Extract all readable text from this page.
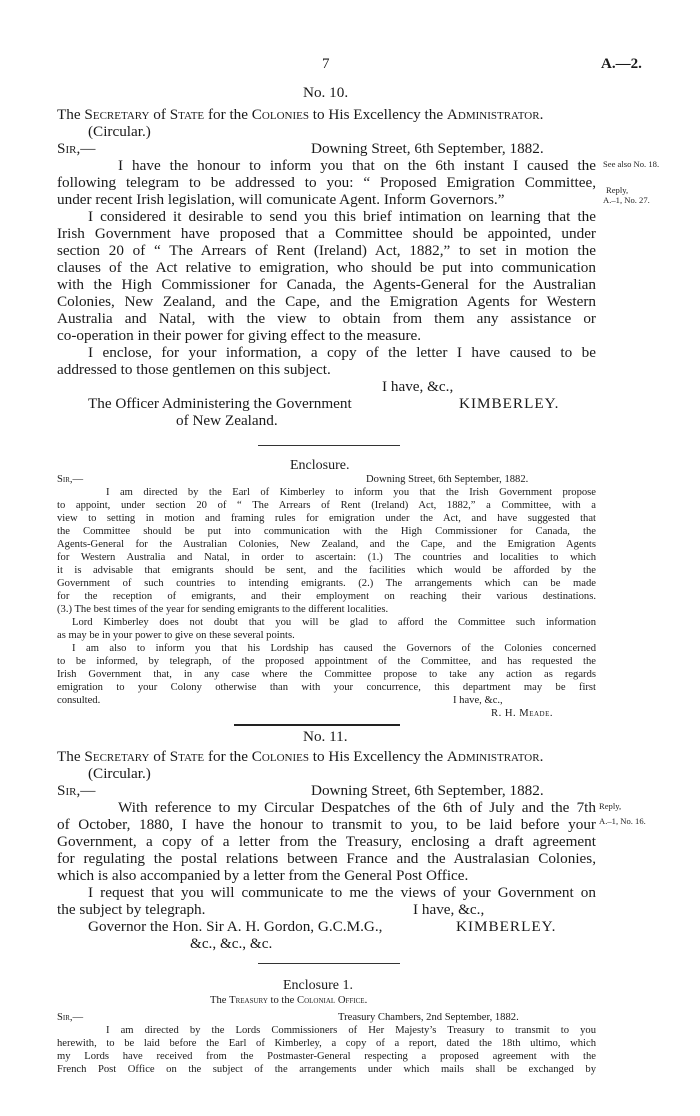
7	A.—2.
No. 10.
The Secretary of State for the Colonies to His Excellency the Administrator.
(Circular.)
Sir,—	Downing Street, 6th September, 1882.
I have the honour to inform you that on the 6th instant I caused the
following telegram to be addressed to you: “ Proposed Emigration Committee,
under recent Irish legislation, will comunicate Agent. Inform Governors.”
I considered it desirable to send you this brief intimation on learning that the
Irish Government have proposed that a Committee should be appointed, under
section 20 of “ The Arrears of Rent (Ireland) Act, 1882,” to set in motion the
clauses of the Act relative to emigration, who should be put into communication
with the High Commissioner for Canada, the Agents-General for the Australian
Colonies, New Zealand, and the Cape, and the Emigration Agents for Western
Australia and Natal, with the view to obtain from them any assistance or
co-operation in their power for giving effect to the measure.
I enclose, for your information, a copy of the letter I have caused to be
addressed to those gentlemen on this subject.
I have, &c.,
The Officer Administering the Government	KIMBERLEY.
of New Zealand.
See also No. 18.
Reply,
A.–1, No. 27.
Enclosure.
Sir,—	Downing Street, 6th September, 1882.
I am directed by the Earl of Kimberley to inform you that the Irish Government propose
to appoint, under section 20 of “ The Arrears of Rent (Ireland) Act, 1882,” a Committee, with a
view to setting in motion and framing rules for emigration under the Act, and have suggested that
the Committee should be put into communication with the High Commissioner for Canada, the
Agents-General for the Australian Colonies, New Zealand, and the Cape, and the Emigration Agents
for Western Australia and Natal, in order to ascertain: (1.) The countries and localities to which
it is advisable that emigrants should be sent, and the facilities which would be afforded by the
Government of such countries to intending emigrants. (2.) The arrangements which can be made
for the reception of emigrants, and their employment on reaching their various destinations.
(3.) The best times of the year for sending emigrants to the different localities.
Lord Kimberley does not doubt that you will be glad to afford the Committee such information
as may be in your power to give on these several points.
I am also to inform you that his Lordship has caused the Governors of the Colonies concerned
to be informed, by telegraph, of the proposed appointment of the Committee, and has requested the
Irish Government that, in any case where the Committee propose to take any action as regards
emigration to your Colony otherwise than with your concurrence, this department may be first
consulted.	I have, &c.,
R. H. Meade.
No. 11.
The Secretary of State for the Colonies to His Excellency the Administrator.
(Circular.)
Sir,—	Downing Street, 6th September, 1882.
With reference to my Circular Despatches of the 6th of July and the 7th
of October, 1880, I have the honour to transmit to you, to be laid before your
Government, a copy of a letter from the Treasury, enclosing a draft agreement
for regulating the postal relations between France and the Australasian Colonies,
which is also accompanied by a letter from the General Post Office.
I request that you will communicate to me the views of your Government on
the subject by telegraph.	I have, &c.,
Governor the Hon. Sir A. H. Gordon, G.C.M.G.,	KIMBERLEY.
&c., &c., &c.
Reply,
A.–1, No. 16.
Enclosure 1.
The Treasury to the Colonial Office.
Sir,—	Treasury Chambers, 2nd September, 1882.
I am directed by the Lords Commissioners of Her Majesty’s Treasury to transmit to you
herewith, to be laid before the Earl of Kimberley, a copy of a report, dated the 18th ultimo, which
my Lords have received from the Postmaster-General respecting a proposed agreement with the
French Post Office on the subject of the arrangements under which mails shall be exchanged by
